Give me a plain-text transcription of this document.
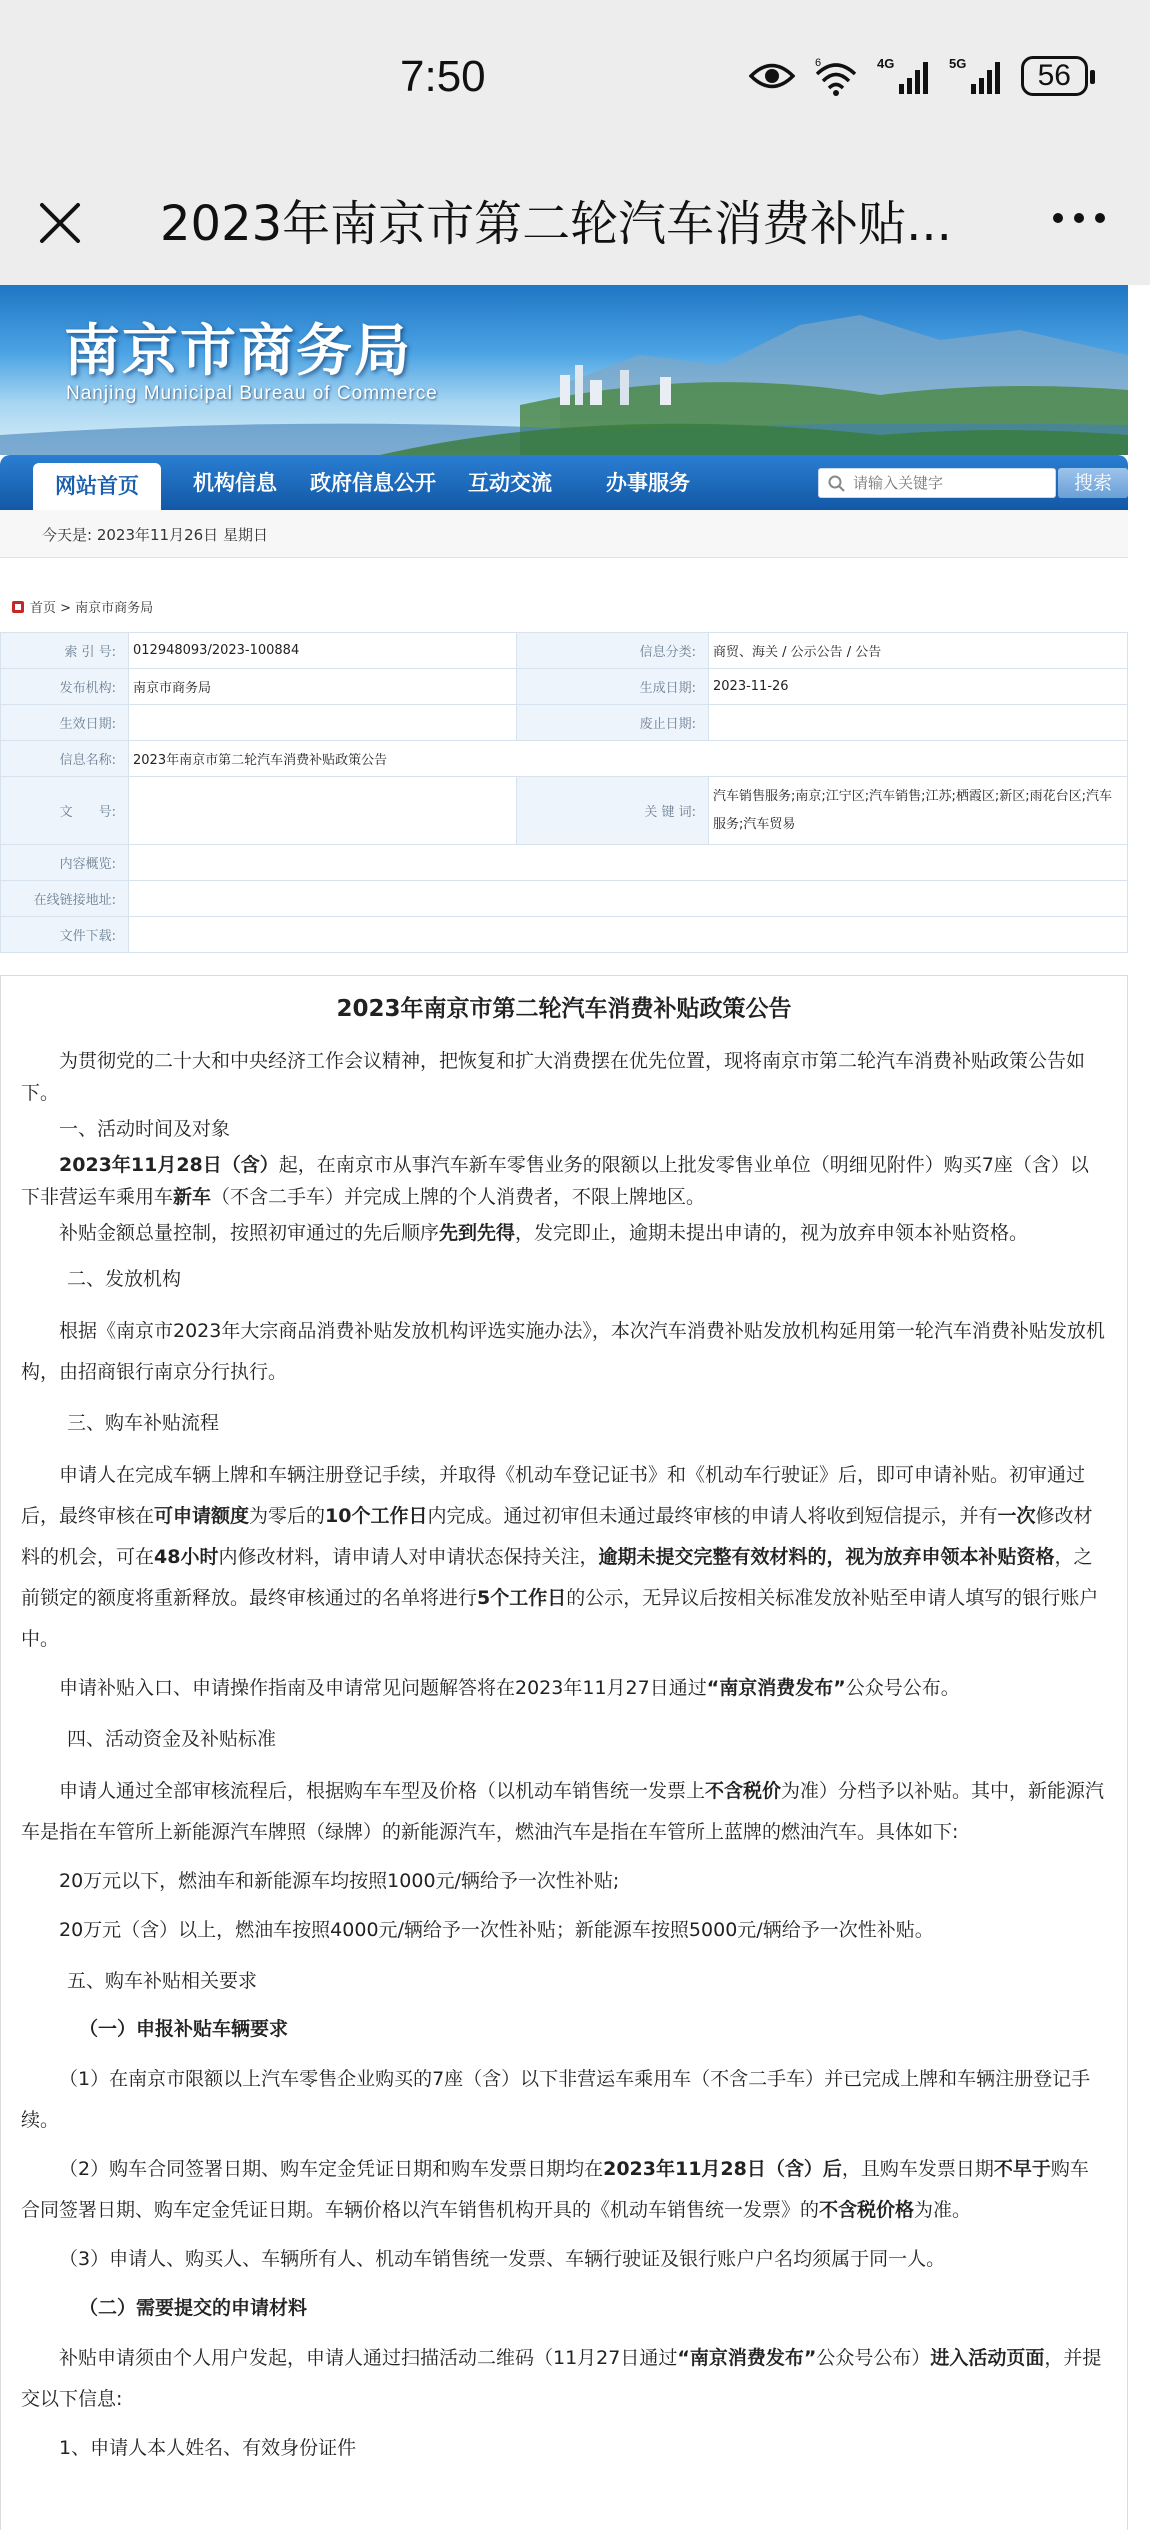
7:50	6	4G	5G	56
2023年南京市第二轮汽车消费补贴...
南京市商务局
Nanjing Municipal Bureau of Commerce
网站首页	机构信息 政府信息公开 互动交流	办事服务
请输入关键字	搜索
今天是: 2023年11月26日 星期日
首页 > 南京市商务局
索 引 号:	012948093/2023-100884	信息分类:	商贸、海关 / 公示公告 / 公告
发布机构:	南京市商务局	生成日期:	2023-11-26
生效日期:		废止日期:	
信息名称:	2023年南京市第二轮汽车消费补贴政策公告		
文　　号:		关 键 词:	汽车销售服务;南京;江宁区;汽车销售;江苏;栖霞区;新区;雨花台区;汽车服务;汽车贸易
内容概览:			
在线链接地址:			
文件下载:			
2023年南京市第二轮汽车消费补贴政策公告

为贯彻党的二十大和中央经济工作会议精神，把恢复和扩大消费摆在优先位置，现将南京市第二轮汽车消费补贴政策公告如下。

一、活动时间及对象

2023年11月28日（含）起，在南京市从事汽车新车零售业务的限额以上批发零售业单位（明细见附件）购买7座（含）以下非营运车乘用车新车（不含二手车）并完成上牌的个人消费者，不限上牌地区。

补贴金额总量控制，按照初审通过的先后顺序先到先得，发完即止，逾期未提出申请的，视为放弃申领本补贴资格。

二、发放机构

根据《南京市2023年大宗商品消费补贴发放机构评选实施办法》，本次汽车消费补贴发放机构延用第一轮汽车消费补贴发放机构，由招商银行南京分行执行。

三、购车补贴流程

申请人在完成车辆上牌和车辆注册登记手续，并取得《机动车登记证书》和《机动车行驶证》后，即可申请补贴。初审通过后，最终审核在可申请额度为零后的10个工作日内完成。通过初审但未通过最终审核的申请人将收到短信提示，并有一次修改材料的机会，可在48小时内修改材料，请申请人对申请状态保持关注，逾期未提交完整有效材料的，视为放弃申领本补贴资格，之前锁定的额度将重新释放。最终审核通过的名单将进行5个工作日的公示，无异议后按相关标准发放补贴至申请人填写的银行账户中。

申请补贴入口、申请操作指南及申请常见问题解答将在2023年11月27日通过“南京消费发布”公众号公布。

四、活动资金及补贴标准

申请人通过全部审核流程后，根据购车车型及价格（以机动车销售统一发票上不含税价为准）分档予以补贴。其中，新能源汽车是指在车管所上新能源汽车牌照（绿牌）的新能源汽车，燃油汽车是指在车管所上蓝牌的燃油汽车。具体如下:

20万元以下，燃油车和新能源车均按照1000元/辆给予一次性补贴;

20万元（含）以上，燃油车按照4000元/辆给予一次性补贴；新能源车按照5000元/辆给予一次性补贴。

五、购车补贴相关要求

（一）申报补贴车辆要求

（1）在南京市限额以上汽车零售企业购买的7座（含）以下非营运车乘用车（不含二手车）并已完成上牌和车辆注册登记手续。

（2）购车合同签署日期、购车定金凭证日期和购车发票日期均在2023年11月28日（含）后，且购车发票日期不早于购车合同签署日期、购车定金凭证日期。车辆价格以汽车销售机构开具的《机动车销售统一发票》的不含税价格为准。

（3）申请人、购买人、车辆所有人、机动车销售统一发票、车辆行驶证及银行账户户名均须属于同一人。

（二）需要提交的申请材料

补贴申请须由个人用户发起，申请人通过扫描活动二维码（11月27日通过“南京消费发布”公众号公布）进入活动页面，并提交以下信息:

1、申请人本人姓名、有效身份证件
